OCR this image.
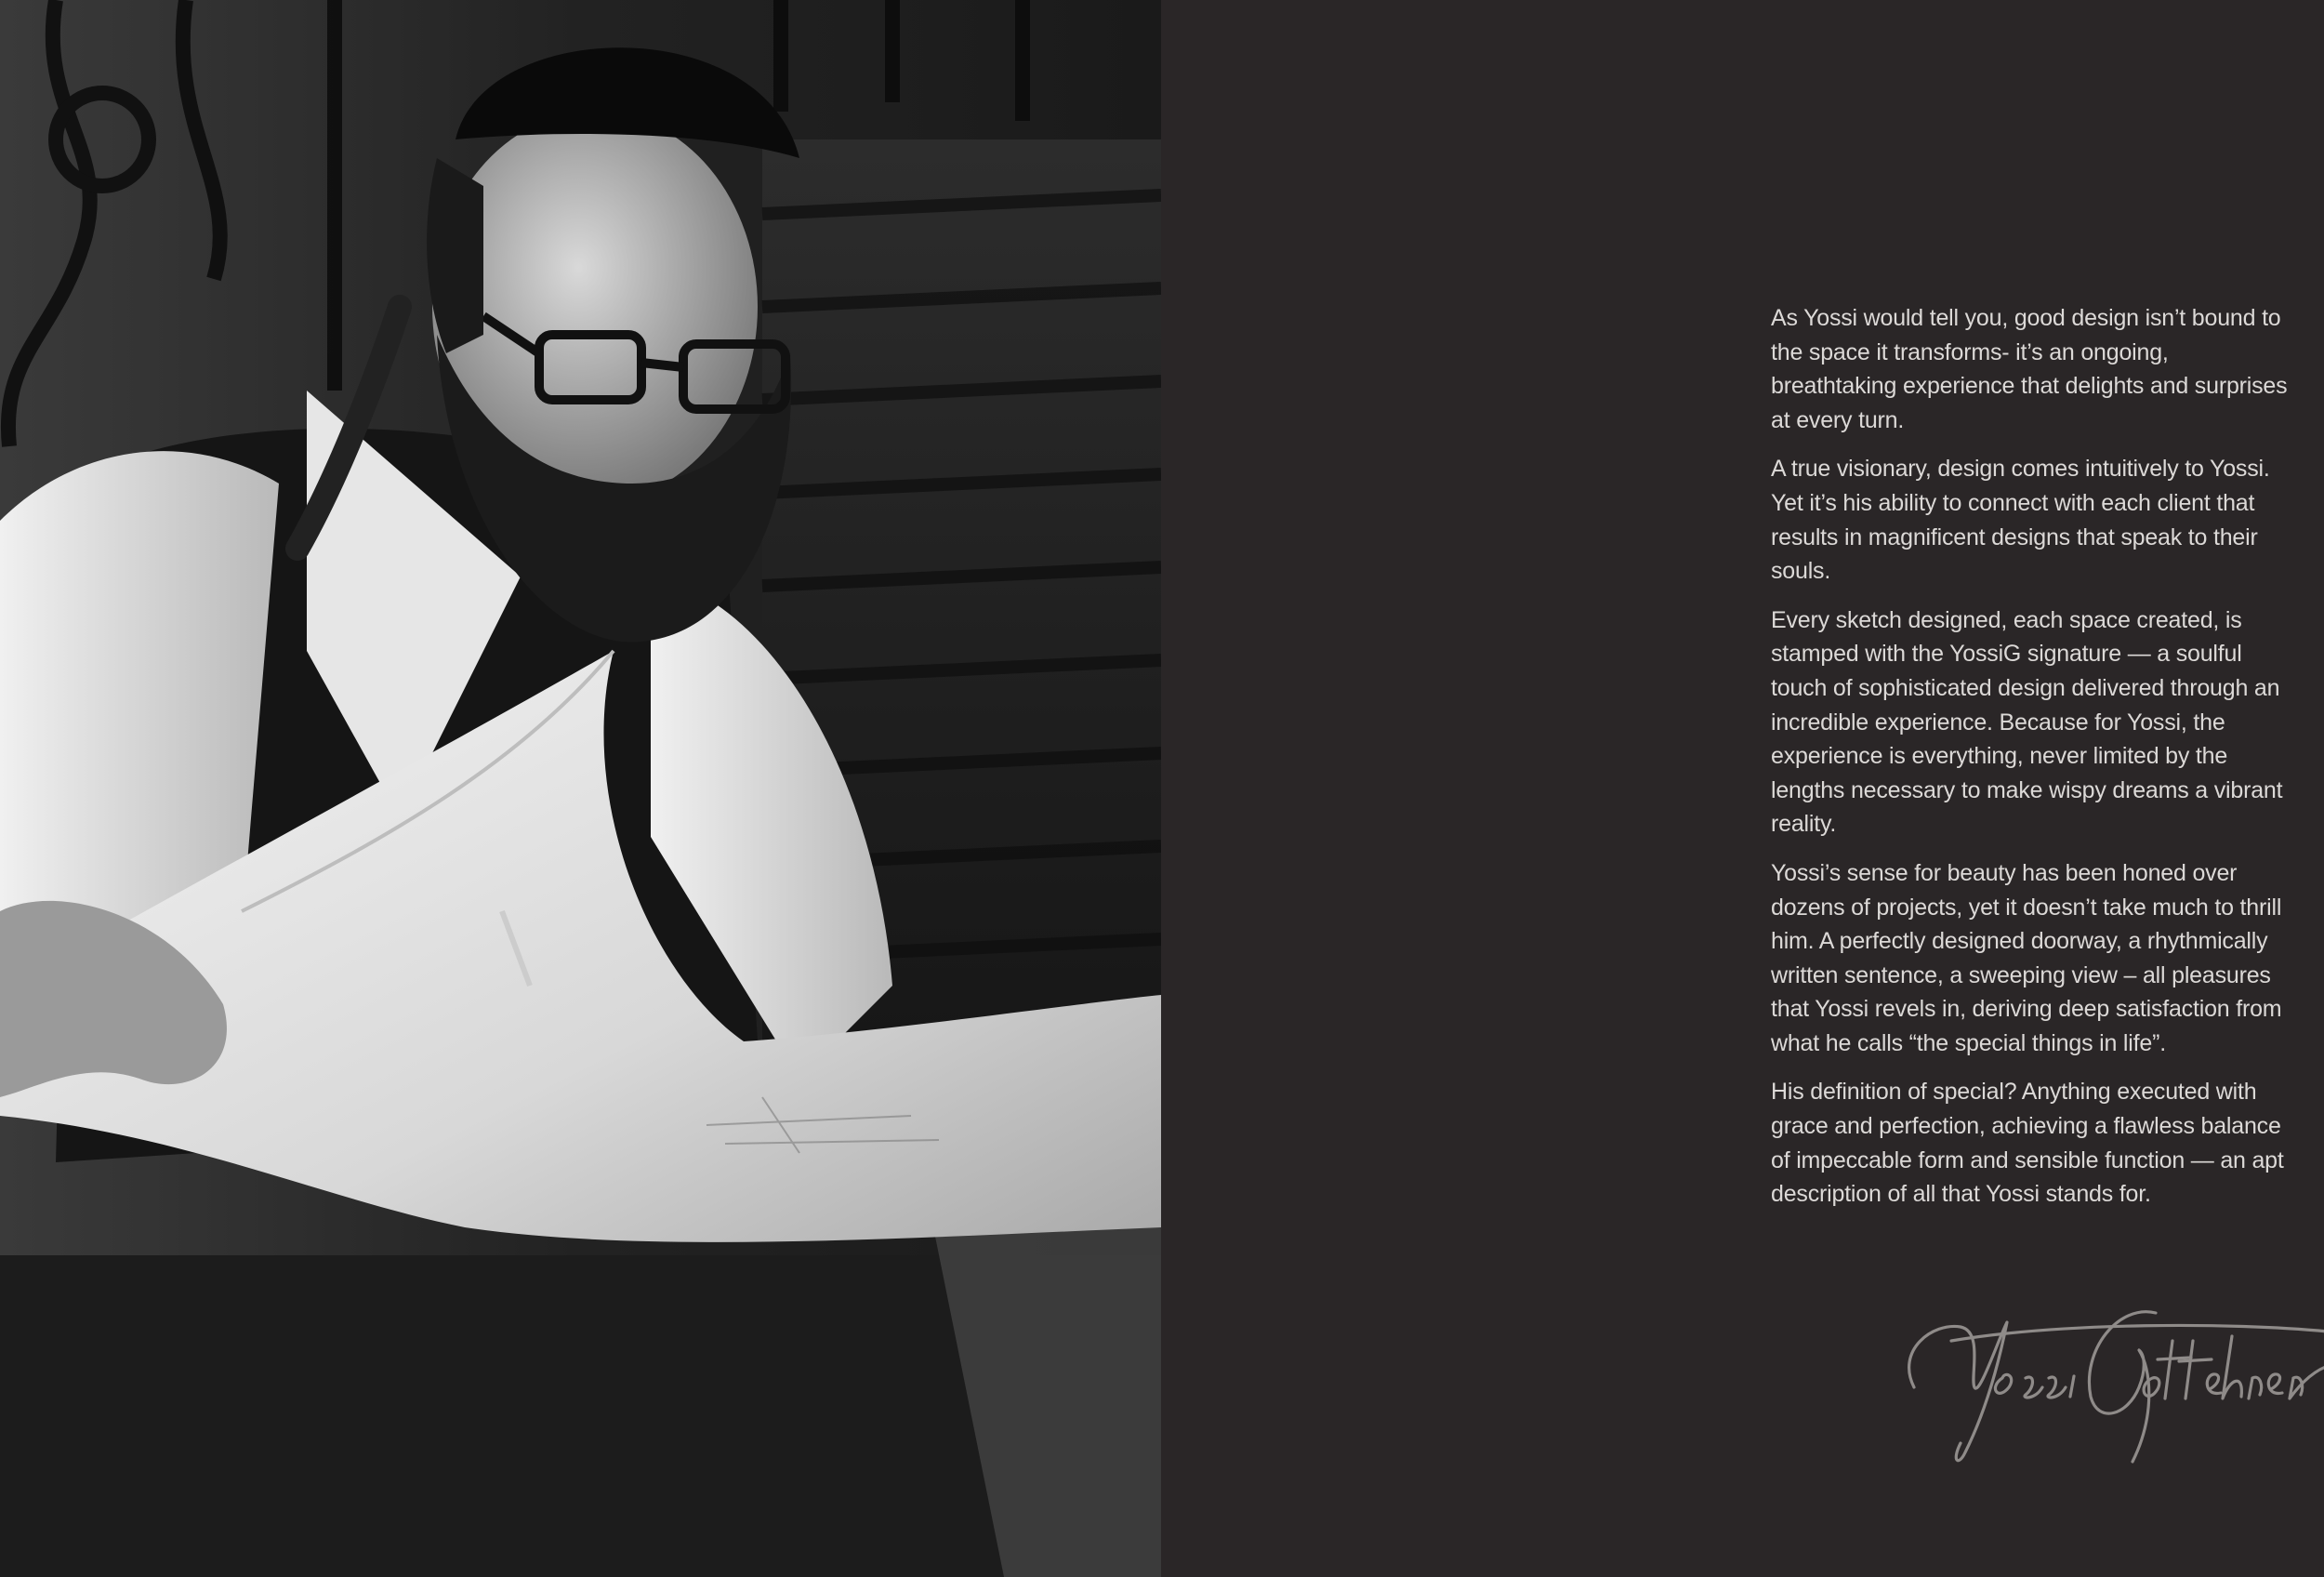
As Yossi would tell you, good design isn’t bound to the space it transforms- it’s an ongoing, breathtaking experience that delights and surprises at every turn.

A true visionary, design comes intuitively to Yossi. Yet it’s his ability to connect with each client that results in magnificent designs that speak to their souls.

Every sketch designed, each space created, is stamped with the YossiG signature — a soulful touch of sophisticated design delivered through an incredible experience. Because for Yossi, the experience is everything, never limited by the lengths necessary to make wispy dreams a vibrant reality.

Yossi’s sense for beauty has been honed over dozens of projects, yet it doesn’t take much to thrill him. A perfectly designed doorway, a rhythmically written sentence, a sweeping view – all pleasures that Yossi revels in, deriving deep satisfaction from what he calls “the special things in life”.

His definition of special? Anything executed with grace and perfection, achieving a flawless balance of impeccable form and sensible function — an apt description of all that Yossi stands for.
